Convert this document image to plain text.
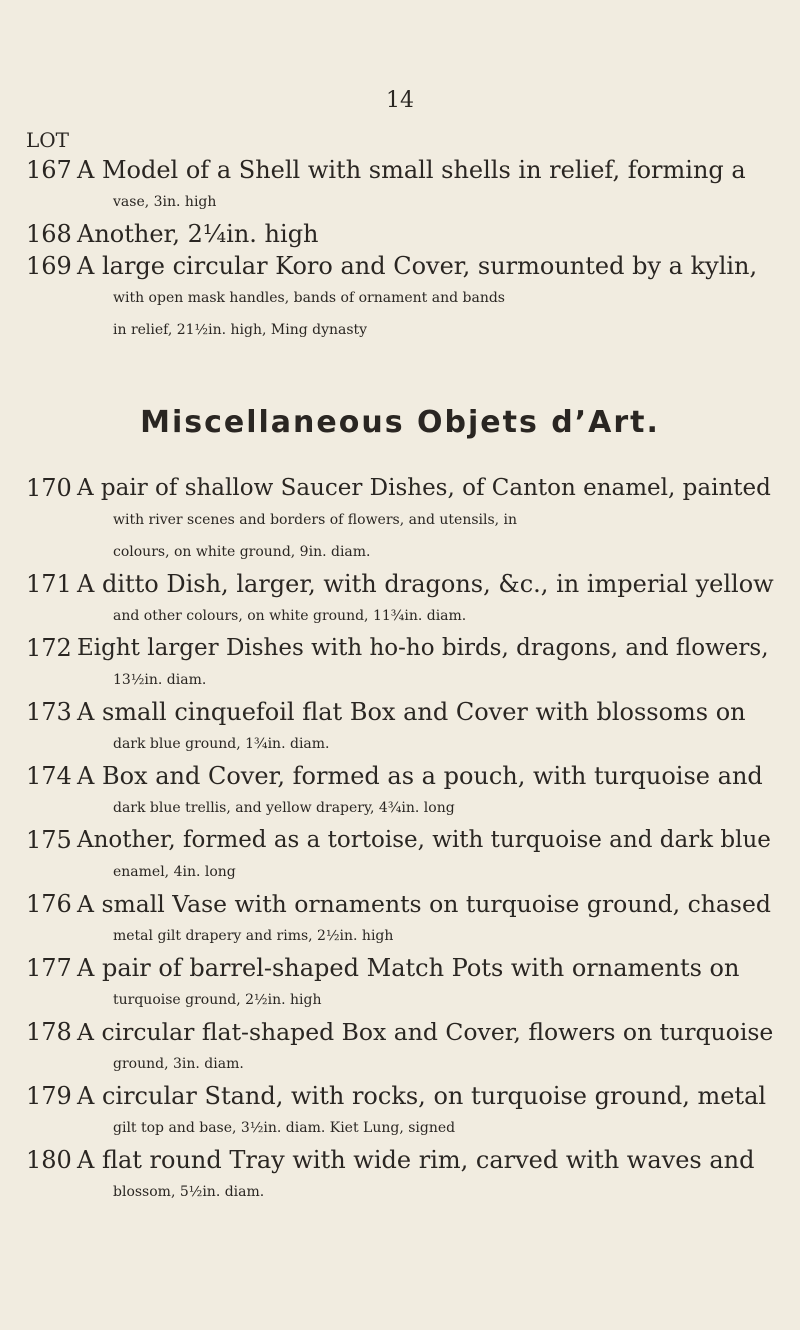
14
LOT
167 A Model of a Shell with small shells in relief, forming a
vase, 3in. high
168 Another, 2¼in. high
169 A large circular Koro and Cover, surmounted by a kylin,
with open mask handles, bands of ornament and bands
in relief, 21½in. high, Ming dynasty
170 A pair of shallow Saucer Dishes, of Canton enamel, painted
with river scenes and borders of flowers, and utensils, in
colours, on white ground, 9in. diam.
171 A ditto Dish, larger, with dragons, &c., in imperial yellow
and other colours, on white ground, 11¾in. diam.
172 Eight larger Dishes with ho-ho birds, dragons, and flowers,
13½in. diam.
173 A small cinquefoil flat Box and Cover with blossoms on
dark blue ground, 1¾in. diam.
174 A Box and Cover, formed as a pouch, with turquoise and
dark blue trellis, and yellow drapery, 4¾in. long
175 Another, formed as a tortoise, with turquoise and dark blue
enamel, 4in. long
176 A small Vase with ornaments on turquoise ground, chased
metal gilt drapery and rims, 2½in. high
177 A pair of barrel-shaped Match Pots with ornaments on
turquoise ground, 2½in. high
178 A circular flat-shaped Box and Cover, flowers on turquoise
ground, 3in. diam.
179 A circular Stand, with rocks, on turquoise ground, metal
gilt top and base, 3½in. diam. Kiet Lung, signed
180 A flat round Tray with wide rim, carved with waves and
blossom, 5½in. diam.
Miscellaneous Objets d’Art.
